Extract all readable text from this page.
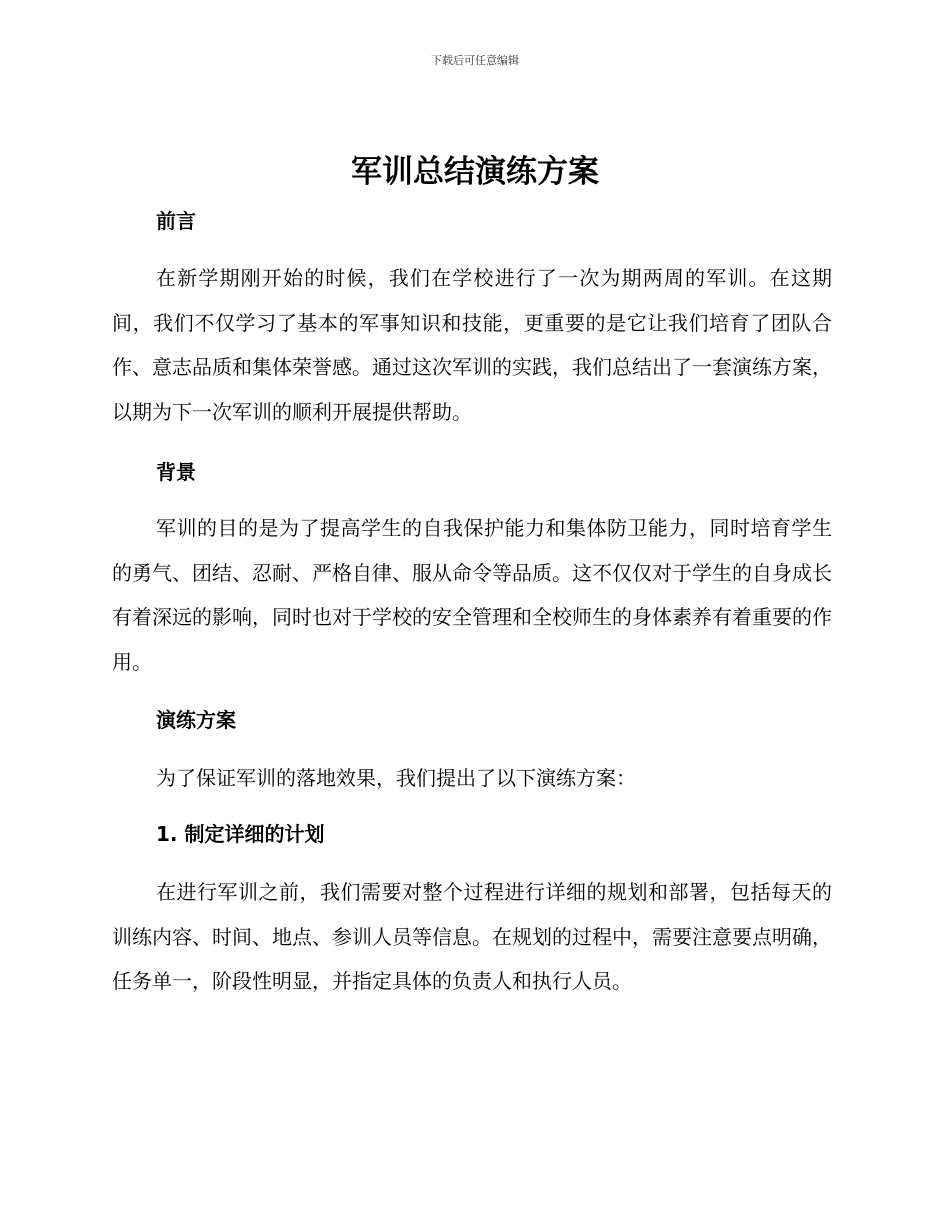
下载后可任意编辑
军训总结演练方案
前言

在新学期刚开始的时候，我们在学校进行了一次为期两周的军训。在这期间，我们不仅学习了基本的军事知识和技能，更重要的是它让我们培育了团队合作、意志品质和集体荣誉感。通过这次军训的实践，我们总结出了一套演练方案，以期为下一次军训的顺利开展提供帮助。

背景

军训的目的是为了提高学生的自我保护能力和集体防卫能力，同时培育学生的勇气、团结、忍耐、严格自律、服从命令等品质。这不仅仅对于学生的自身成长有着深远的影响，同时也对于学校的安全管理和全校师生的身体素养有着重要的作用。

演练方案

为了保证军训的落地效果，我们提出了以下演练方案：

1. 制定详细的计划

在进行军训之前，我们需要对整个过程进行详细的规划和部署，包括每天的训练内容、时间、地点、参训人员等信息。在规划的过程中，需要注意要点明确，任务单一，阶段性明显，并指定具体的负责人和执行人员。
